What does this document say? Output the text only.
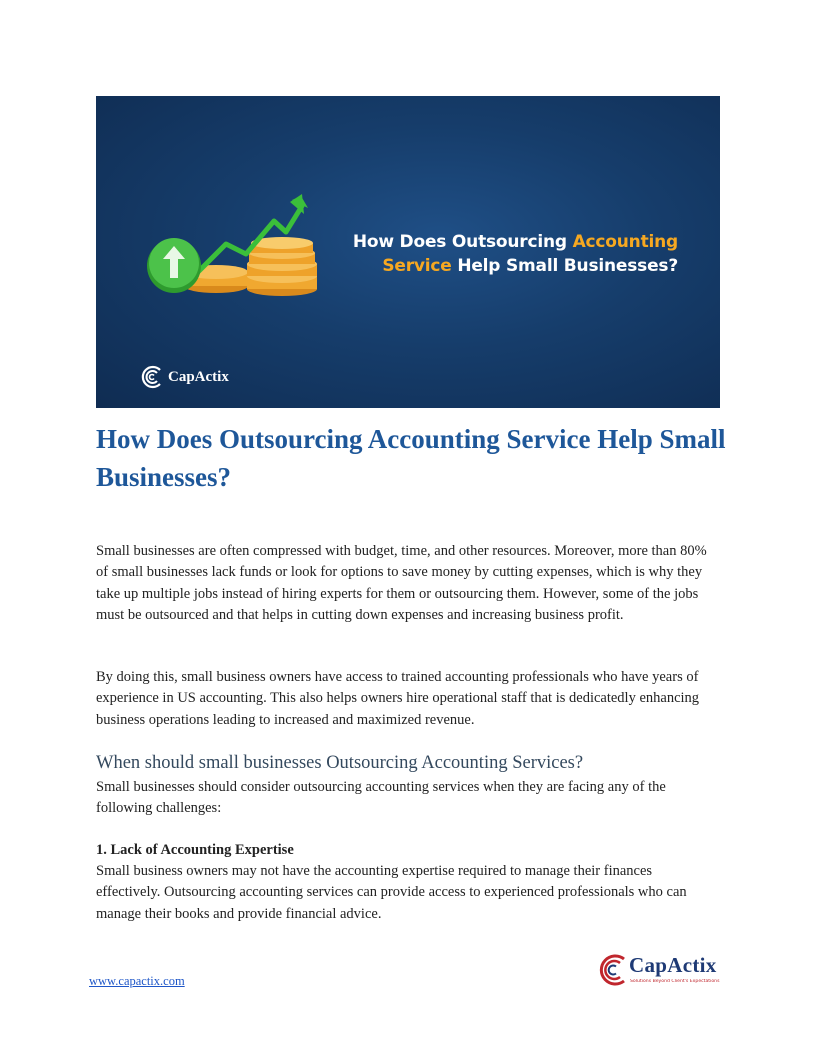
How Does Outsourcing Accounting
Service Help Small Businesses?
CapActix
How Does Outsourcing Accounting Service Help Small Businesses?

Small businesses are often compressed with budget, time, and other resources. Moreover, more than 80% of small businesses lack funds or look for options to save money by cutting expenses, which is why they take up multiple jobs instead of hiring experts for them or outsourcing them. However, some of the jobs must be outsourced and that helps in cutting down expenses and increasing business profit.

By doing this, small business owners have access to trained accounting professionals who have years of experience in US accounting. This also helps owners hire operational staff that is dedicatedly enhancing business operations leading to increased and maximized revenue.

When should small businesses Outsourcing Accounting Services?

Small businesses should consider outsourcing accounting services when they are facing any of the following challenges:

1. Lack of Accounting Expertise

Small business owners may not have the accounting expertise required to manage their finances effectively. Outsourcing accounting services can provide access to experienced professionals who can manage their books and provide financial advice.

www.capactix.com
CapActix
Solutions Beyond Client's Expectations
